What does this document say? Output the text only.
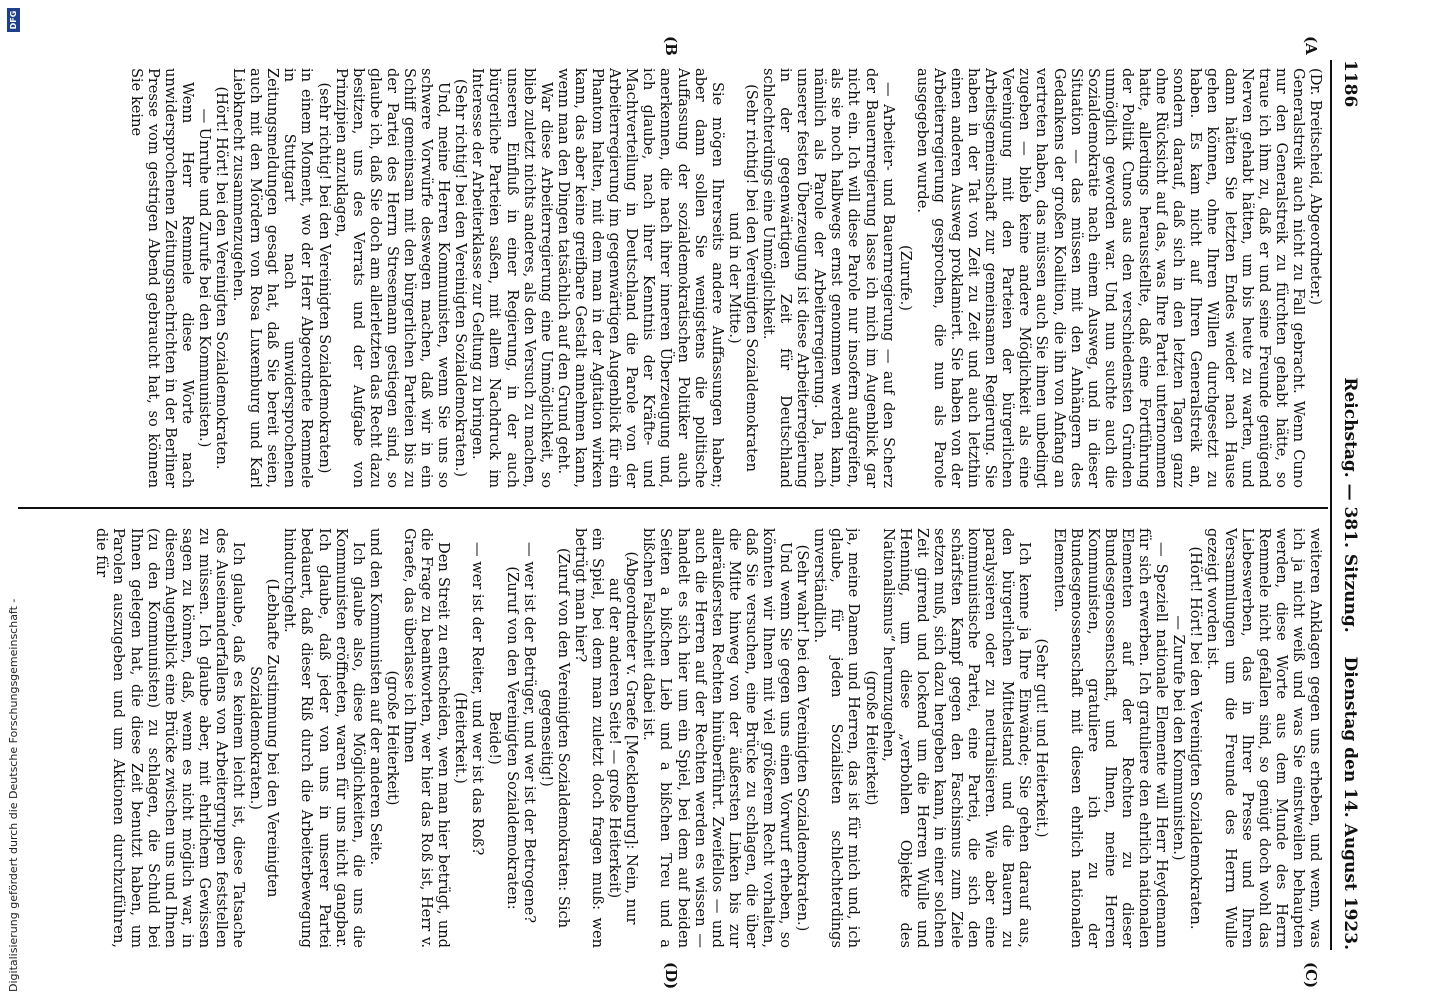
1186
Reichstag. — 381. Sitzung.
Dienstag den 14. August 1923.
(A
(B
(C)
(D)

(Dr. Breitscheid, Abgeordneter.)

Generalstreik auch nicht zu Fall gebracht. Wenn Cuno nur den Generalstreik zu fürchten gehabt hätte, so traue ich ihm zu, daß er und seine Freunde genügend Nerven gehabt hätten, um bis heute zu warten, und dann hätten Sie letzten Endes wieder nach Hause gehen können, ohne Ihren Willen durchgesetzt zu haben. Es kam nicht auf Ihren Generalstreik an, sondern darauf, daß sich in den letzten Tagen ganz ohne Rücksicht auf das, was Ihre Partei unternommen hatte, allerdings herausstellte, daß eine Fortführung der Politik Cunos aus den verschiedensten Gründen unmöglich geworden war. Und nun suchte auch die Sozialdemokratie nach einem Ausweg, und in dieser Situation — das müssen mit den Anhängern des Gedankens der großen Koalition, die ihn von Anfang an vertreten haben, das müssen auch Sie ihnen unbedingt zugeben — blieb keine andere Möglichkeit als eine Vereinigung mit den Parteien der bürgerlichen Arbeitsgemeinschaft zur gemeinsamen Regierung. Sie haben in der Tat von Zeit zu Zeit und auch letzthin einen anderen Ausweg proklamiert. Sie haben von der Arbeiterregierung gesprochen, die nun als Parole ausgegeben wurde.

(Zurufe.)

— Arbeiter- und Bauernregierung — auf den Scherz der Bauernregierung lasse ich mich im Augenblick gar nicht ein. Ich will diese Parole nur insofern aufgreifen, als sie noch halbwegs ernst genommen werden kann, nämlich als Parole der Arbeiterregierung. Ja, nach unserer festen Überzeugung ist diese Arbeiterregierung in der gegenwärtigen Zeit für Deutschland schlechterdings eine Unmöglichkeit.

(Sehr richtig! bei den Vereinigten Sozialdemokraten und in der Mitte.)

Sie mögen Ihrerseits andere Auffassungen haben; aber dann sollen Sie wenigstens die politische Auffassung der sozialdemokratischen Politiker auch anerkennen, die nach ihrer inneren Überzeugung und, ich glaube, nach ihrer Kenntnis der Kräfte- und Machtverteilung in Deutschland die Parole von der Arbeiterregierung im gegenwärtigen Augenblick für ein Phantom halten, mit dem man in der Agitation wirken kann, das aber keine greifbare Gestalt annehmen kann, wenn man den Dingen tatsächlich auf den Grund geht.

War diese Arbeiterregierung eine Unmöglichkeit, so blieb zuletzt nichts anderes, als den Versuch zu machen, unseren Einfluß in einer Regierung, in der auch bürgerliche Parteien saßen, mit allem Nachdruck im Interesse der Arbeiterklasse zur Geltung zu bringen.

(Sehr richtig! bei den Vereinigten Sozialdemokraten.)

Und, meine Herren Kommunisten, wenn Sie uns so schwere Vorwürfe deswegen machen, daß wir in ein Schiff gemeinsam mit den bürgerlichen Parteien bis zu der Partei des Herrn Stresemann gestiegen sind, so glaube ich, daß Sie doch am allerletzten das Recht dazu besitzen, uns des Verrats und der Aufgabe von Prinzipien anzuklagen,

(sehr richtig! bei den Vereinigten Sozialdemokraten)

in einem Moment, wo der Herr Abgeordnete Remmele in Stuttgart nach unwidersprochenen Zeitungsmeldungen gesagt hat, daß Sie bereit seien, auch mit den Mördern von Rosa Luxemburg und Karl Liebknecht zusammenzugehen.

(Hört! Hört! bei den Vereinigten Sozialdemokraten. — Unruhe und Zurufe bei den Kommunisten.)

Wenn Herr Remmele diese Worte nach unwidersprochenen Zeitungsnachrichten in der Berliner Presse vom gestrigen Abend gebraucht hat, so können Sie keine

weiteren Anklagen gegen uns erheben, und wenn, was ich ja nicht weiß und was Sie einstweilen behaupten werden, diese Worte aus dem Munde des Herrn Remmele nicht gefallen sind, so genügt doch wohl das Liebeswerben, das in Ihrer Presse und Ihren Versammlungen um die Freunde des Herrn Wulle gezeigt worden ist.

(Hört! Hört! bei den Vereinigten Sozialdemokraten. — Zurufe bei den Kommunisten.)

— Speziell nationale Elemente will Herr Heydemann für sich erwerben. Ich gratuliere den ehrlich nationalen Elementen auf der Rechten zu dieser Bundesgenossenschaft, und Ihnen, meine Herren Kommunisten, gratuliere ich zu der Bundesgenossenschaft mit diesen ehrlich nationalen Elementen.

(Sehr gut! und Heiterkeit.)

Ich kenne ja Ihre Einwände; Sie gehen darauf aus, den bürgerlichen Mittelstand und die Bauern zu paralysieren oder zu neutralisieren. Wie aber eine kommunistische Partei, eine Partei, die sich den schärfsten Kampf gegen den Faschismus zum Ziele setzen muß, sich dazu hergeben kann, in einer solchen Zeit girrend und lockend um die Herren Wulle und Henning, um diese „verbohlen Objekte des Nationalismus“ herumzugehen,

(große Heiterkeit)

ja, meine Damen und Herren, das ist für mich und, ich glaube, für jeden Sozialisten schlechterdings unverständlich.

(Sehr wahr! bei den Vereinigten Sozialdemokraten.)

Und wenn Sie gegen uns einen Vorwurf erheben, so könnten wir Ihnen mit viel größerem Recht vorhalten, daß Sie versuchen, eine Brücke zu schlagen, die über die Mitte hinweg von der äußersten Linken bis zur alleräußersten Rechten hinüberführt. Zweifellos — und auch die Herren auf der Rechten werden es wissen — handelt es sich hier um ein Spiel, bei dem auf beiden Seiten a bißchen Lieb und a bißchen Treu und a bißchen Falschheit dabei ist.

(Abgeordneter v. Graefe [Mecklenburg]: Nein, nur auf der anderen Seite! — große Heiterkeit)

ein Spiel, bei dem man zuletzt doch fragen muß: wen betrügt man hier?

(Zuruf von den Vereinigten Sozialdemokraten: Sich gegenseitig!)

— wer ist der Betrüger, und wer ist der Betrogene?

(Zuruf von den Vereinigten Sozialdemokraten: Beide!)

— wer ist der Reiter, und wer ist das Roß?

(Heiterkeit.)

Den Streit zu entscheiden, wen man hier betrügt, und die Frage zu beantworten, wer hier das Roß ist, Herr v. Graefe, das überlasse ich Ihnen

(große Heiterkeit)

und den Kommunisten auf der anderen Seite.

Ich glaube also, diese Möglichkeiten, die uns die Kommunisten eröffneten, waren für uns nicht gangbar. Ich glaube, daß jeder von uns in unserer Partei bedauert, daß dieser Riß durch die Arbeiterbewegung hindurchgeht.

(Lebhafte Zustimmung bei den Vereinigten Sozialdemokraten.)

Ich glaube, daß es keinem leicht ist, diese Tatsache des Auseinanderfallens von Arbeitergruppen feststellen zu müssen. Ich glaube aber, mit ehrlichem Gewissen sagen zu können, daß, wenn es nicht möglich war, in diesem Augenblick eine Brücke zwischen uns und Ihnen (zu den Kommunisten) zu schlagen, die Schuld bei Ihnen gelegen hat, die diese Zeit benutzt haben, um Parolen auszugeben und um Aktionen durchzuführen, die für

Digitalisierung gefördert durch die Deutsche Forschungsgemeinschaft -
DFG
